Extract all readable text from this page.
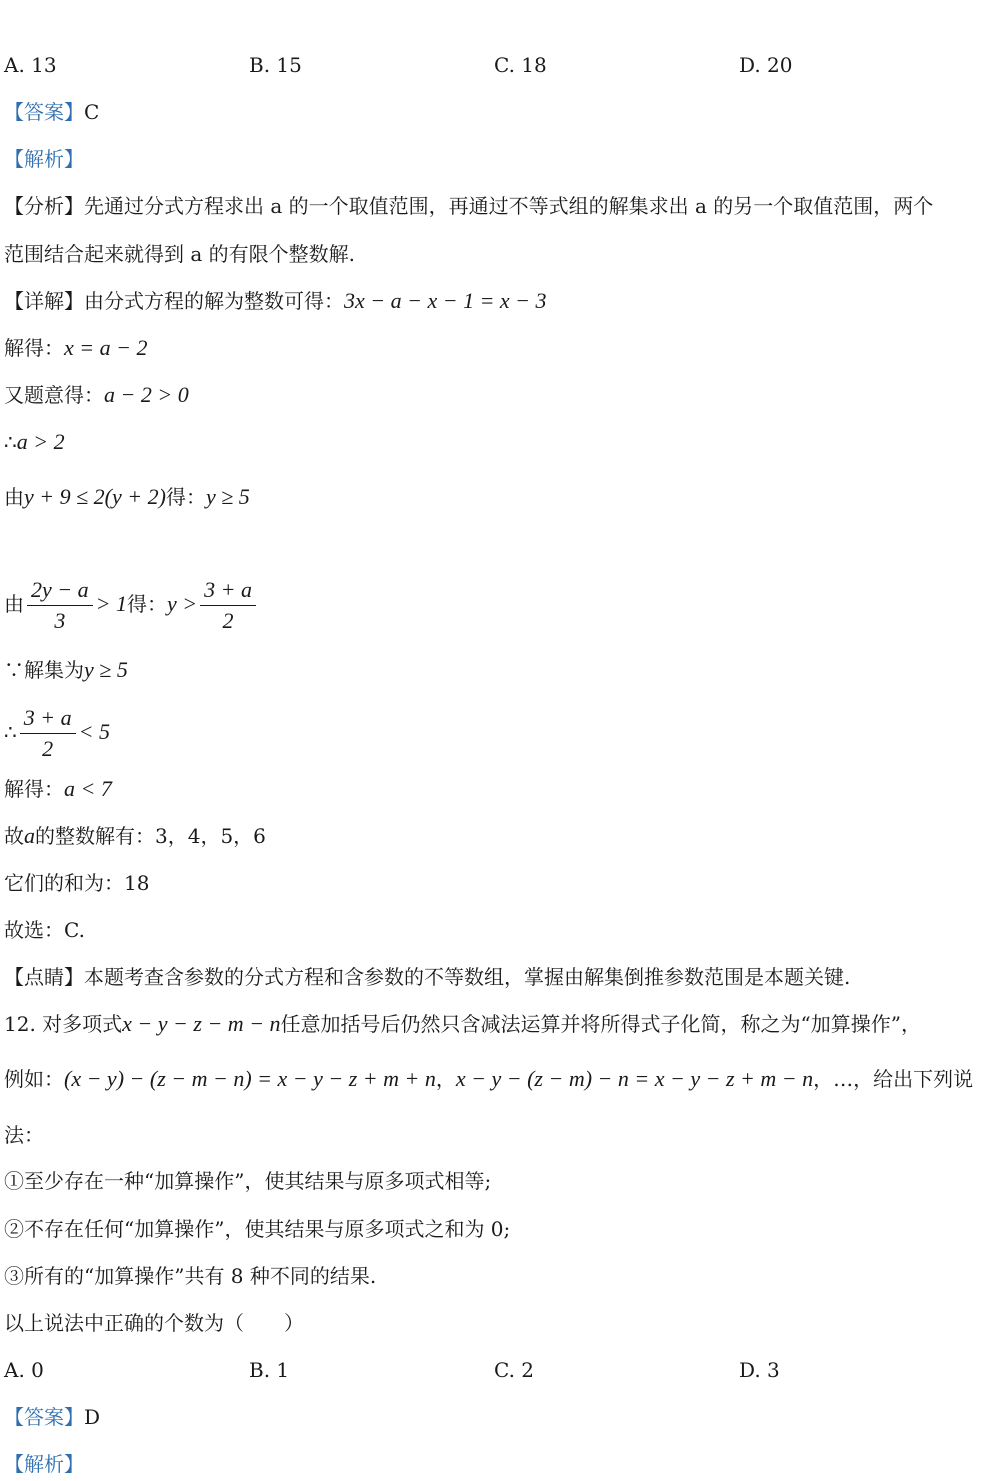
A. 13	B. 15	C. 18	D. 20
【答案】C
【解析】
【分析】先通过分式方程求出 a 的一个取值范围，再通过不等式组的解集求出 a 的另一个取值范围，两个
范围结合起来就得到 a 的有限个整数解.
【详解】由分式方程的解为整数可得：3x − a − x − 1 = x − 3
解得：x = a − 2
又题意得：a − 2 > 0
∴a > 2
由y + 9 ≤ 2(y + 2)得：y ≥ 5
由 $\frac{2y - a}{3} > 1$得：$y > \frac{3 + a}{2}$
∵解集为y ≥ 5
∴ $\frac{3 + a}{2} < 5$
解得：a < 7
故a的整数解有：3，4，5，6
它们的和为：18
故选：C.
【点睛】本题考查含参数的分式方程和含参数的不等数组，掌握由解集倒推参数范围是本题关键.
12. 对多项式x − y − z − m − n任意加括号后仍然只含减法运算并将所得式子化简，称之为“加算操作”，
例如：(x − y) − (z − m − n) = x − y − z + m + n，x − y − (z − m) − n = x − y − z + m − n，…，给出下列说
法：
①至少存在一种“加算操作”，使其结果与原多项式相等;
②不存在任何“加算操作”，使其结果与原多项式之和为 0;
③所有的“加算操作”共有 8 种不同的结果.
以上说法中正确的个数为（　　）
A. 0	B. 1	C. 2	D. 3
【答案】D
【解析】
